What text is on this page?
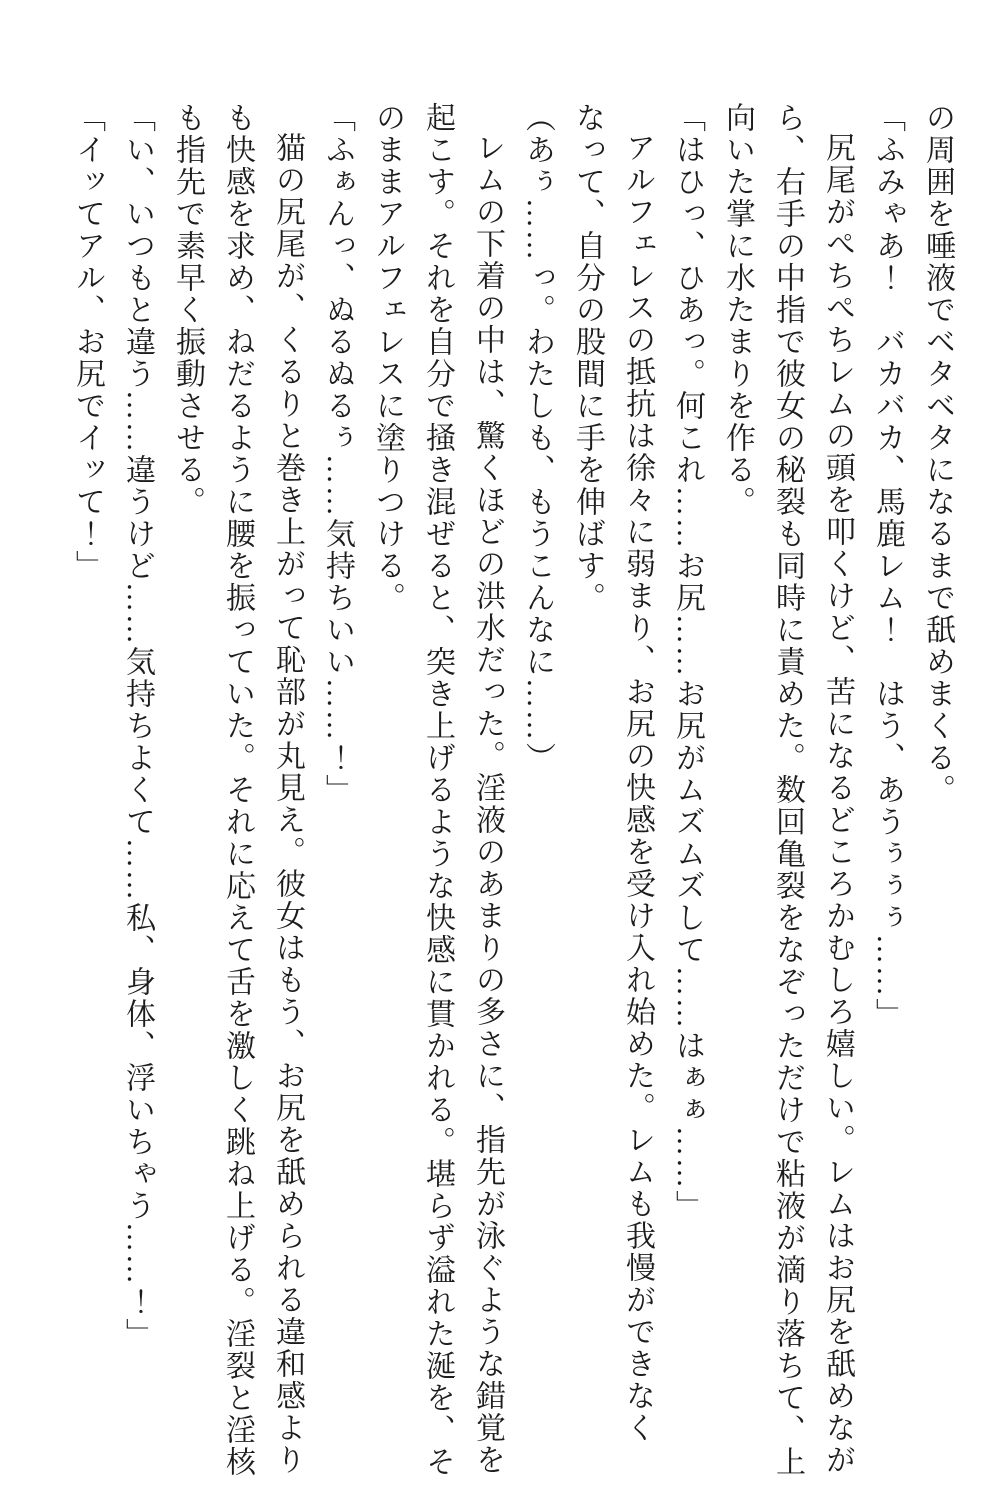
の周囲を唾液でベタベタになるまで舐めまくる。

「ふみゃあ！　バカバカ、馬鹿レム！　はう、あうぅぅぅ……」

尻尾がぺちぺちレムの頭を叩くけど、苦になるどころかむしろ嬉しい。レムはお尻を舐めながら、右手の中指で彼女の秘裂も同時に責めた。数回亀裂をなぞっただけで粘液が滴り落ちて、上向いた掌に水たまりを作る。

「はひっ、ひあっ。何これ……お尻……お尻がムズムズして……はぁぁ……」

アルフェレスの抵抗は徐々に弱まり、お尻の快感を受け入れ始めた。レムも我慢ができなくなって、自分の股間に手を伸ばす。

（あぅ……っ。わたしも、もうこんなに……）

レムの下着の中は、驚くほどの洪水だった。淫液のあまりの多さに、指先が泳ぐような錯覚を起こす。それを自分で掻き混ぜると、突き上げるような快感に貫かれる。堪らず溢れた涎を、そのままアルフェレスに塗りつける。

「ふぁんっ、ぬるぬるぅ……気持ちいい……！」

猫の尻尾が、くるりと巻き上がって恥部が丸見え。彼女はもう、お尻を舐められる違和感よりも快感を求め、ねだるように腰を振っていた。それに応えて舌を激しく跳ね上げる。淫裂と淫核も指先で素早く振動させる。

「い、いつもと違う……違うけど……気持ちよくて……私、身体、浮いちゃう……！」

「イッてアル、お尻でイッて！」
